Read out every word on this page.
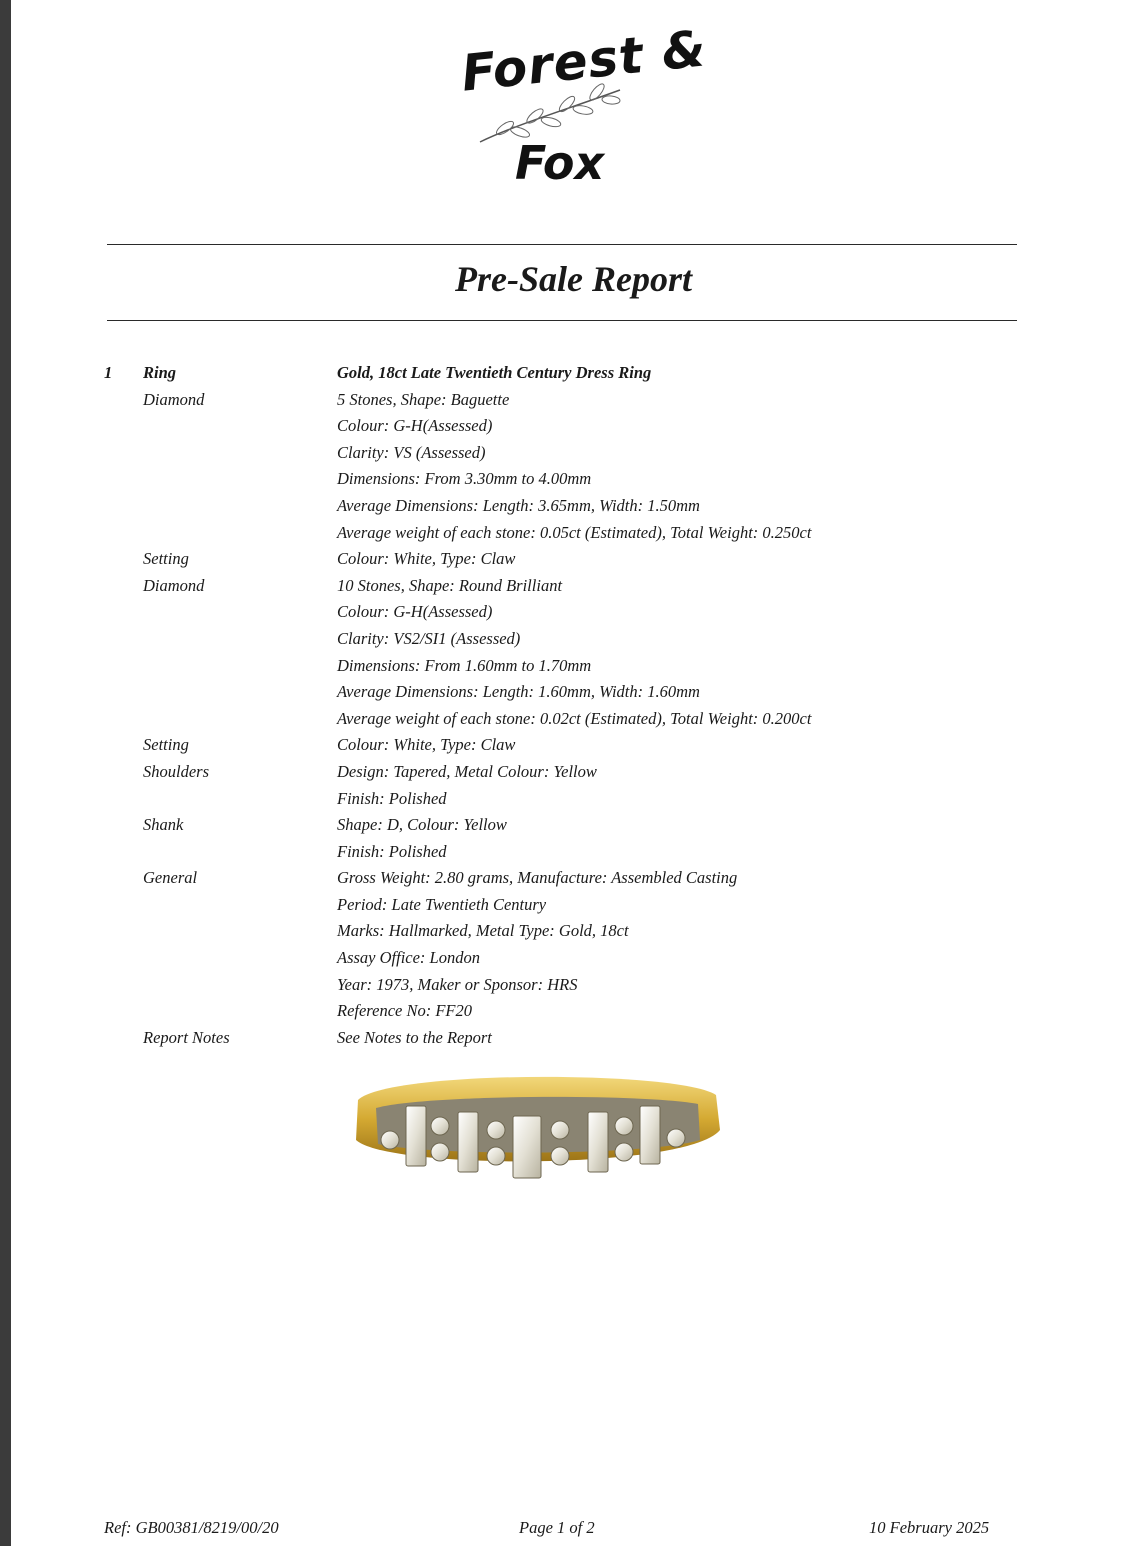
Forest &
Fox
Pre-Sale Report
1 Ring	Gold, 18ct Late Twentieth Century Dress Ring
Diamond	5 Stones, Shape: Baguette
Colour: G-H(Assessed)
Clarity: VS (Assessed)
Dimensions: From 3.30mm to 4.00mm
Average Dimensions: Length: 3.65mm, Width: 1.50mm
Average weight of each stone: 0.05ct (Estimated), Total Weight: 0.250ct
Setting	Colour: White, Type: Claw
Diamond	10 Stones, Shape: Round Brilliant
Colour: G-H(Assessed)
Clarity: VS2/SI1 (Assessed)
Dimensions: From 1.60mm to 1.70mm
Average Dimensions: Length: 1.60mm, Width: 1.60mm
Average weight of each stone: 0.02ct (Estimated), Total Weight: 0.200ct
Setting	Colour: White, Type: Claw
Shoulders	Design: Tapered, Metal Colour: Yellow
Finish: Polished
Shank	Shape: D, Colour: Yellow
Finish: Polished
General	Gross Weight: 2.80 grams, Manufacture: Assembled Casting
Period: Late Twentieth Century
Marks: Hallmarked, Metal Type: Gold, 18ct
Assay Office: London
Year: 1973, Maker or Sponsor: HRS
Reference No: FF20
Report Notes	See Notes to the Report
Ref: GB00381/8219/00/20	Page 1 of 2	10 February 2025
